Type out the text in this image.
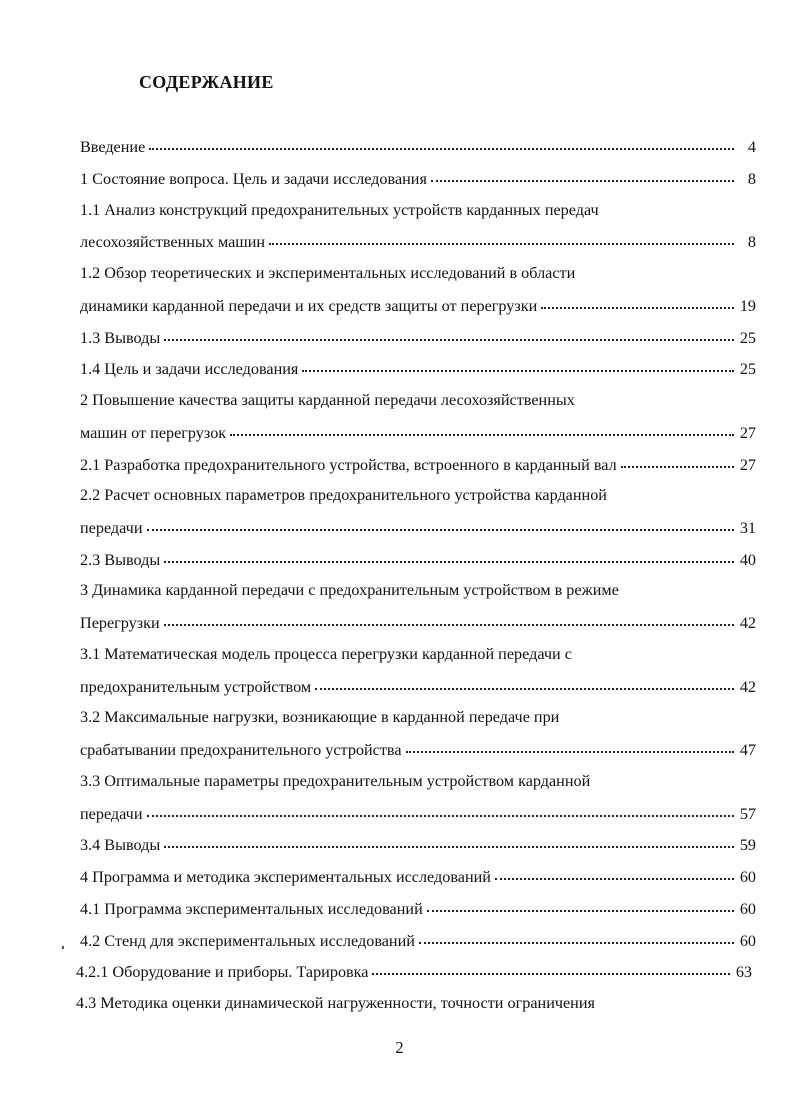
СОДЕРЖАНИЕ
Введение	4
1 Состояние вопроса. Цель и задачи исследования	8
1.1 Анализ конструкций предохранительных устройств карданных передач
лесохозяйственных машин	8
1.2 Обзор теоретических и экспериментальных исследований в области
динамики карданной передачи и их средств защиты от перегрузки	19
1.3 Выводы	25
1.4 Цель и задачи исследования	25
2 Повышение качества защиты карданной передачи лесохозяйственных
машин от перегрузок	27
2.1 Разработка предохранительного устройства, встроенного в карданный вал	27
2.2 Расчет основных параметров предохранительного устройства карданной
передачи	31
2.3 Выводы	40
3 Динамика карданной передачи с предохранительным устройством в режиме
Перегрузки	42
3.1 Математическая модель процесса перегрузки карданной передачи с
предохранительным устройством	42
3.2 Максимальные нагрузки, возникающие в карданной передаче при
срабатывании предохранительного устройства	47
3.3 Оптимальные параметры предохранительным устройством карданной
передачи	57
3.4 Выводы	59
4 Программа и методика экспериментальных исследований	60
4.1 Программа экспериментальных исследований	60
4.2 Стенд для экспериментальных исследований	60
4.2.1 Оборудование и приборы. Тарировка	63
4.3 Методика оценки динамической нагруженности, точности ограничения
2
